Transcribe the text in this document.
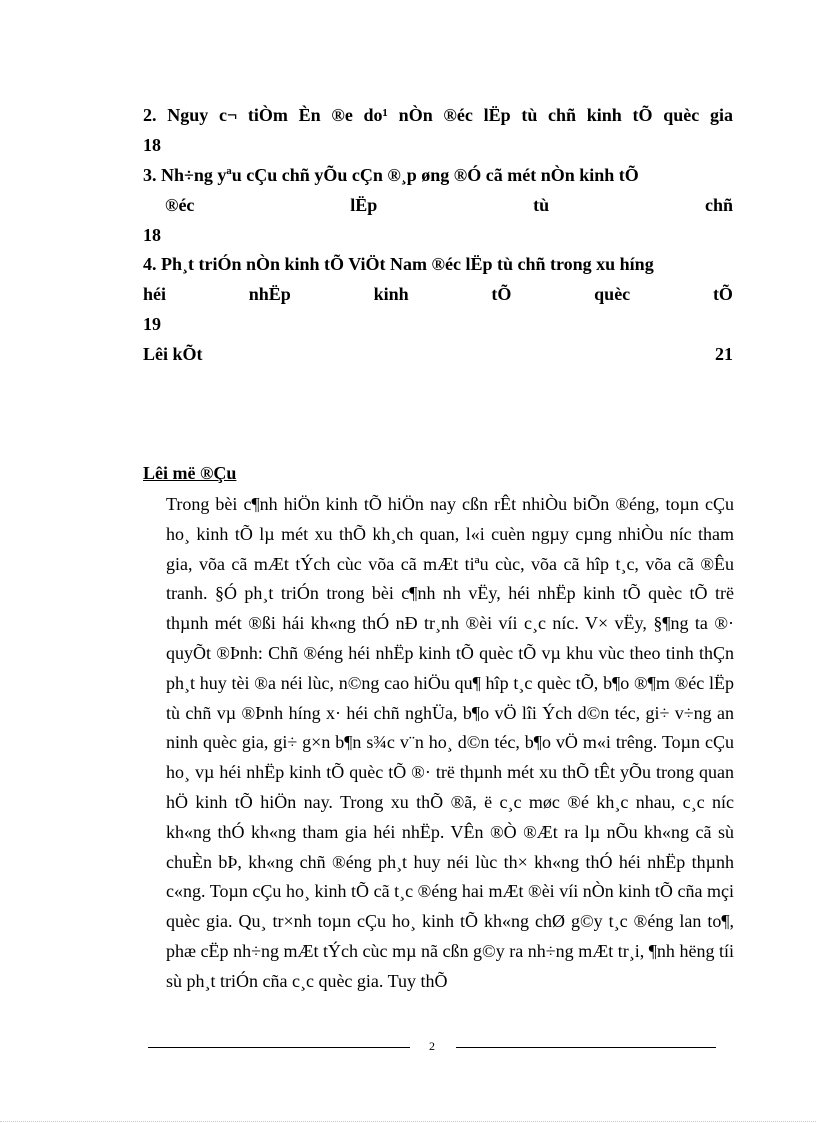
2. Nguy c¬ tiÒm Èn ®e do¹ nÒn ®éc lËp tù chñ kinh tÕ quèc gia
18
3. Nh÷ng yªu cÇu chñ yÕu cÇn ®¸p øng ®Ó cã mét nÒn kinh tÕ
®éc	lËp	tù	chñ
18
4. Ph¸t triÓn nÒn kinh tÕ ViÖt Nam ®éc lËp tù chñ trong xu híng
héi	nhËp	kinh	tÕ	quèc	tÕ
19
Lêi kÕt	21
Lêi më ®Çu
Trong bèi c¶nh hiÖn kinh tÕ hiÖn nay cßn rÊt nhiÒu biÕn ®éng, toµn cÇu ho¸ kinh tÕ lµ mét xu thÕ kh¸ch quan, l«i cuèn ngµy cµng nhiÒu níc tham gia, võa cã mÆt tÝch cùc võa cã mÆt tiªu cùc, võa cã hîp t¸c, võa cã ®Êu tranh. §Ó ph¸t triÓn trong bèi c¶nh nh vËy, héi nhËp kinh tÕ quèc tÕ trë thµnh mét ®ßi hái kh«ng thÓ nÐ tr¸nh ®èi víi c¸c níc. V× vËy, §¶ng ta ®· quyÕt ®Þnh: Chñ ®éng héi nhËp kinh tÕ quèc tÕ vµ khu vùc theo tinh thÇn ph¸t huy tèi ®a néi lùc, n©ng cao hiÖu qu¶ hîp t¸c quèc tÕ, b¶o ®¶m ®éc lËp tù chñ vµ ®Þnh híng x· héi chñ nghÜa, b¶o vÖ lîi Ých d©n téc, gi÷ v÷ng an ninh quèc gia, gi÷ g×n b¶n s¾c v¨n ho¸ d©n téc, b¶o vÖ m«i trêng. Toµn cÇu ho¸ vµ héi nhËp kinh tÕ quèc tÕ ®· trë thµnh mét xu thÕ tÊt yÕu trong quan hÖ kinh tÕ hiÖn nay. Trong xu thÕ ®ã, ë c¸c møc ®é kh¸c nhau, c¸c níc kh«ng thÓ kh«ng tham gia héi nhËp. VÊn ®Ò ®Æt ra lµ nÕu kh«ng cã sù chuÈn bÞ, kh«ng chñ ®éng ph¸t huy néi lùc th× kh«ng thÓ héi nhËp thµnh c«ng. Toµn cÇu ho¸ kinh tÕ cã t¸c ®éng hai mÆt ®èi víi nÒn kinh tÕ cña mçi quèc gia. Qu¸ tr×nh toµn cÇu ho¸ kinh tÕ kh«ng chØ g©y t¸c ®éng lan to¶, phæ cËp nh÷ng mÆt tÝch cùc mµ nã cßn g©y ra nh÷ng mÆt tr¸i, ¶nh hëng tíi sù ph¸t triÓn cña c¸c quèc gia. Tuy thÕ
2
